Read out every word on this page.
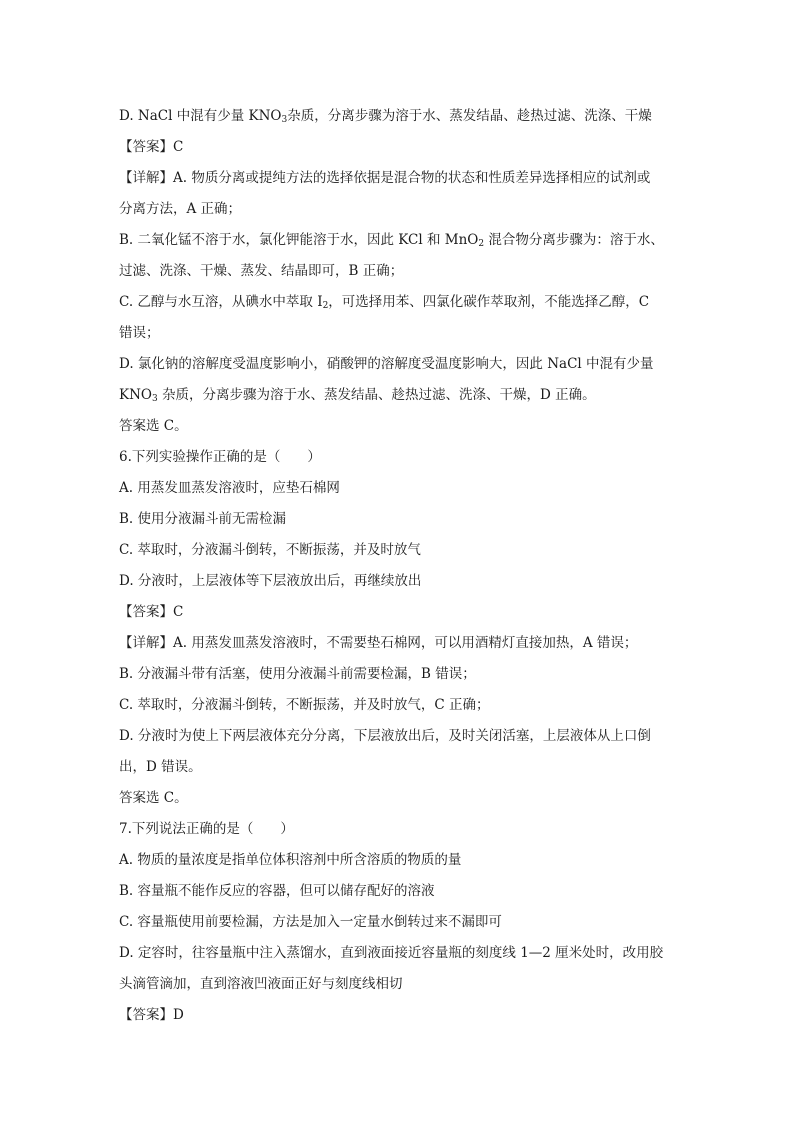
D. NaCl 中混有少量 $KNO_3$杂质，分离步骤为溶于水、蒸发结晶、趁热过滤、洗涤、干燥
【答案】C
【详解】A. 物质分离或提纯方法的选择依据是混合物的状态和性质差异选择相应的试剂或
分离方法，A 正确；
B. 二氧化锰不溶于水，氯化钾能溶于水，因此 KCl 和 MnO$_2$ 混合物分离步骤为：溶于水、
过滤、洗涤、干燥、蒸发、结晶即可，B 正确；
C. 乙醇与水互溶，从碘水中萃取 $I_2$，可选择用苯、四氯化碳作萃取剂，不能选择乙醇，C
错误；
D. 氯化钠的溶解度受温度影响小，硝酸钾的溶解度受温度影响大，因此 NaCl 中混有少量
$KNO_3$ 杂质，分离步骤为溶于水、蒸发结晶、趁热过滤、洗涤、干燥，D 正确。
答案选 C。
6.下列实验操作正确的是（　　）
A. 用蒸发皿蒸发溶液时，应垫石棉网
B. 使用分液漏斗前无需检漏
C. 萃取时，分液漏斗倒转，不断振荡，并及时放气
D. 分液时，上层液体等下层液放出后，再继续放出
【答案】C
【详解】A. 用蒸发皿蒸发溶液时，不需要垫石棉网，可以用酒精灯直接加热，A 错误；
B. 分液漏斗带有活塞，使用分液漏斗前需要检漏，B 错误；
C. 萃取时，分液漏斗倒转，不断振荡，并及时放气，C 正确；
D. 分液时为使上下两层液体充分分离，下层液放出后，及时关闭活塞，上层液体从上口倒
出，D 错误。
答案选 C。
7.下列说法正确的是（　　）
A. 物质的量浓度是指单位体积溶剂中所含溶质的物质的量
B. 容量瓶不能作反应的容器，但可以储存配好的溶液
C. 容量瓶使用前要检漏，方法是加入一定量水倒转过来不漏即可
D. 定容时，往容量瓶中注入蒸馏水，直到液面接近容量瓶的刻度线 1—2 厘米处时，改用胶
头滴管滴加，直到溶液凹液面正好与刻度线相切
【答案】D
